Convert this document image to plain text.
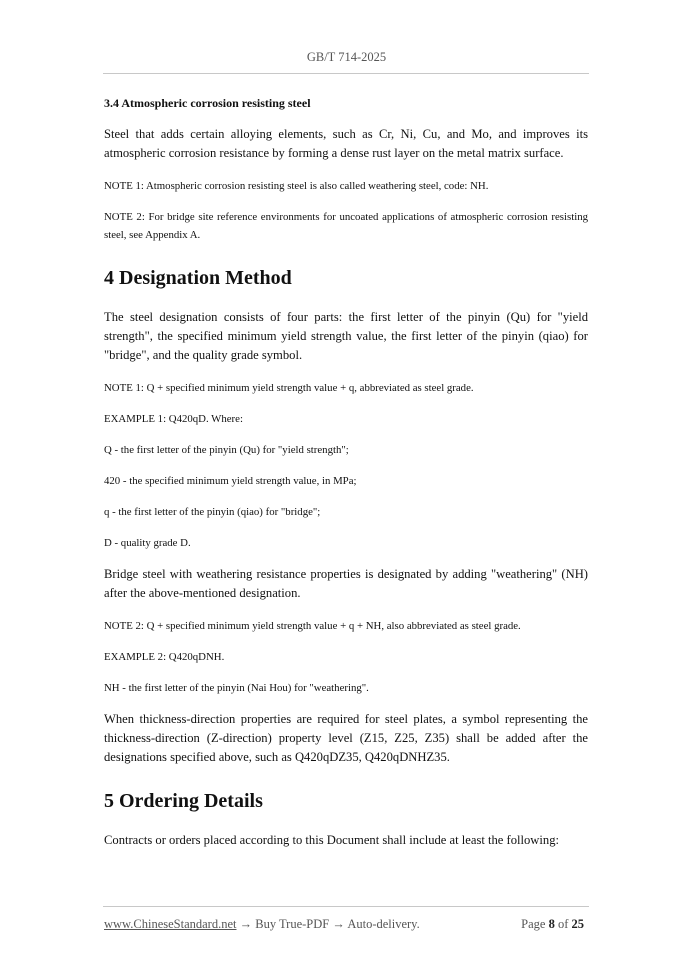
GB/T 714-2025
3.4 Atmospheric corrosion resisting steel

Steel that adds certain alloying elements, such as Cr, Ni, Cu, and Mo, and improves its atmospheric corrosion resistance by forming a dense rust layer on the metal matrix surface.

NOTE 1: Atmospheric corrosion resisting steel is also called weathering steel, code: NH.

NOTE 2: For bridge site reference environments for uncoated applications of atmospheric corrosion resisting steel, see Appendix A.

4 Designation Method

The steel designation consists of four parts: the first letter of the pinyin (Qu) for "yield strength", the specified minimum yield strength value, the first letter of the pinyin (qiao) for "bridge", and the quality grade symbol.

NOTE 1: Q + specified minimum yield strength value + q, abbreviated as steel grade.

EXAMPLE 1: Q420qD. Where:

Q - the first letter of the pinyin (Qu) for "yield strength";

420 - the specified minimum yield strength value, in MPa;

q - the first letter of the pinyin (qiao) for "bridge";

D - quality grade D.

Bridge steel with weathering resistance properties is designated by adding "weathering" (NH) after the above-mentioned designation.

NOTE 2: Q + specified minimum yield strength value + q + NH, also abbreviated as steel grade.

EXAMPLE 2: Q420qDNH.

NH - the first letter of the pinyin (Nai Hou) for "weathering".

When thickness-direction properties are required for steel plates, a symbol representing the thickness-direction (Z-direction) property level (Z15, Z25, Z35) shall be added after the designations specified above, such as Q420qDZ35, Q420qDNHZ35.

5 Ordering Details

Contracts or orders placed according to this Document shall include at least the following:

www.ChineseStandard.net → Buy True-PDF → Auto-delivery.	Page 8 of 25
